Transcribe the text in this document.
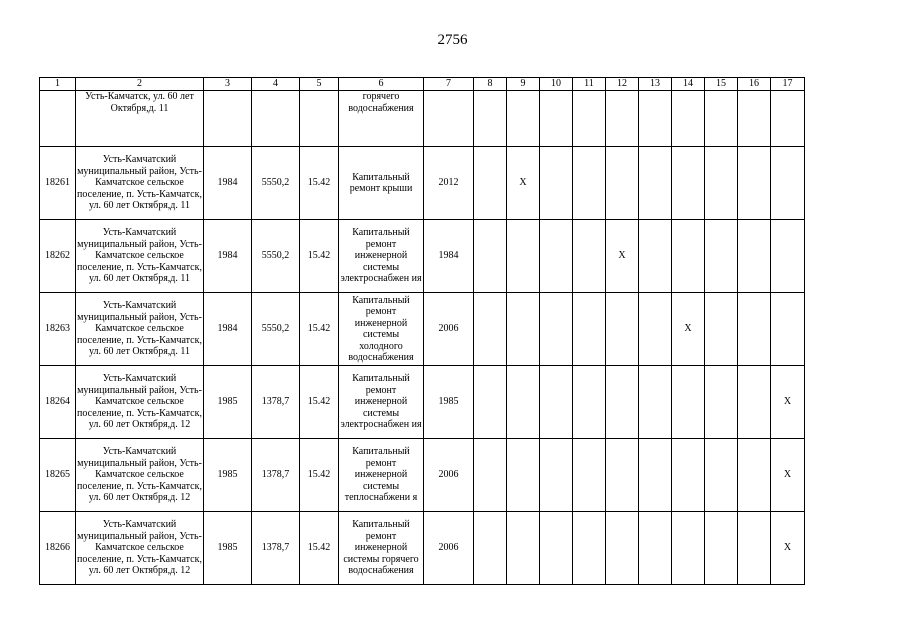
2756
1	2	3	4	5	6	7	8	9	10	11	12	13	14	15	16	17
	Усть-Камчатск, ул. 60 лет Октября,д. 11				горячего водоснабжения											
18261	Усть-Камчатский муниципальный район, Усть-Камчатское сельское поселение, п. Усть-Камчатск, ул. 60 лет Октября,д. 11	1984	5550,2	15.42	Капитальный ремонт крыши	2012		X								
18262	Усть-Камчатский муниципальный район, Усть-Камчатское сельское поселение, п. Усть-Камчатск, ул. 60 лет Октября,д. 11	1984	5550,2	15.42	Капитальный ремонт инженерной системы электроснабжен ия	1984					X					
18263	Усть-Камчатский муниципальный район, Усть-Камчатское сельское поселение, п. Усть-Камчатск, ул. 60 лет Октября,д. 11	1984	5550,2	15.42	Капитальный ремонт инженерной системы холодного водоснабжения	2006							X			
18264	Усть-Камчатский муниципальный район, Усть-Камчатское сельское поселение, п. Усть-Камчатск, ул. 60 лет Октября,д. 12	1985	1378,7	15.42	Капитальный ремонт инженерной системы электроснабжен ия	1985										X
18265	Усть-Камчатский муниципальный район, Усть-Камчатское сельское поселение, п. Усть-Камчатск, ул. 60 лет Октября,д. 12	1985	1378,7	15.42	Капитальный ремонт инженерной системы теплоснабжени я	2006										X
18266	Усть-Камчатский муниципальный район, Усть-Камчатское сельское поселение, п. Усть-Камчатск, ул. 60 лет Октября,д. 12	1985	1378,7	15.42	Капитальный ремонт инженерной системы горячего водоснабжения	2006										X
